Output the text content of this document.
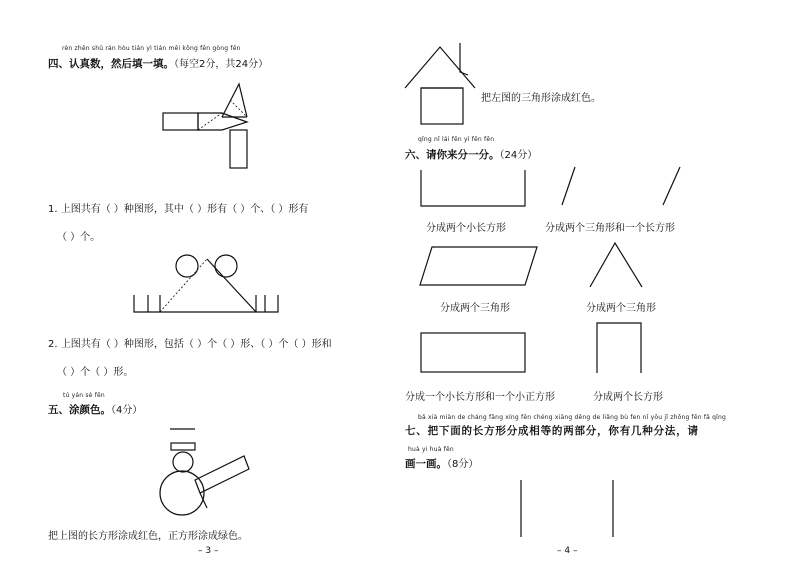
rèn zhēn shǔ rán hòu tián yì tián měi kōng fēn gòng fēn
四、认真数，然后填一填。（每空2分，共24分）
1. 上图共有（ ）种图形，其中（ ）形有（ ）个、（ ）形有
（ ）个。
2. 上图共有（ ）种图形，包括（ ）个（ ）形、（ ）个（ ）形和
（ ）个（ ）形。
tú yán sè fēn
五、涂颜色。（4分）
把上图的长方形涂成红色，正方形涂成绿色。
– 3 –
把左图的三角形涂成红色。
qǐng nǐ lái fēn yì fēn fēn
六、请你来分一分。（24分）
分成两个小长方形	分成两个三角形和一个长方形
分成两个三角形	分成两个三角形
分成一个小长方形和一个小正方形	分成两个长方形
bǎ xià miàn de cháng fāng xíng fēn chéng xiāng děng de liǎng bù fen nǐ yǒu jǐ zhǒng fēn fǎ qǐng
七、把下面的长方形分成相等的两部分，你有几种分法，请
huà yi huà fēn
画一画。（8分）
– 4 –
